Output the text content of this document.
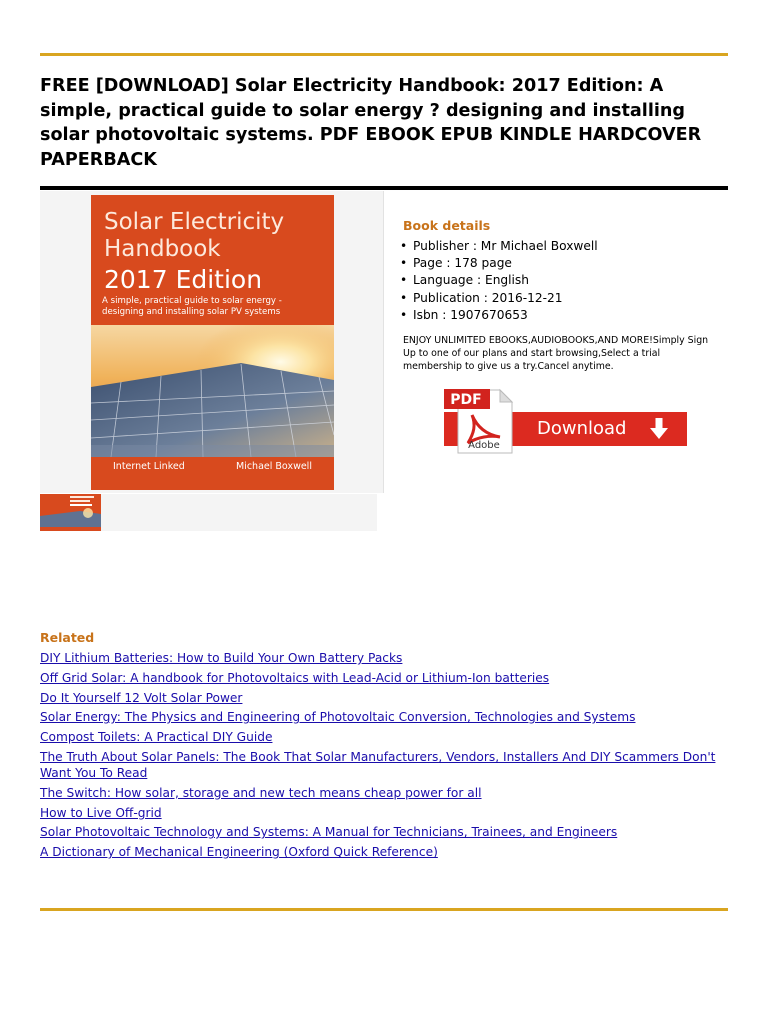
FREE [DOWNLOAD] Solar Electricity Handbook: 2017 Edition: A simple, practical guide to solar energy ? designing and installing solar photovoltaic systems. PDF EBOOK EPUB KINDLE HARDCOVER PAPERBACK
Solar Electricity
Handbook
2017 Edition
A simple, practical guide to solar energy -
designing and installing solar PV systems
Internet Linked	Michael Boxwell
Book details
• Publisher : Mr Michael Boxwell
• Page : 178 page
• Language : English
• Publication : 2016-12-21
• Isbn : 1907670653

ENJOY UNLIMITED EBOOKS,AUDIOBOOKS,AND MORE!Simply Sign Up to one of our plans and start browsing,Select a trial membership to give us a try.Cancel anytime.

Download
PDF
Adobe
Related
DIY Lithium Batteries: How to Build Your Own Battery Packs
Off Grid Solar: A handbook for Photovoltaics with Lead-Acid or Lithium-Ion batteries
Do It Yourself 12 Volt Solar Power
Solar Energy: The Physics and Engineering of Photovoltaic Conversion, Technologies and Systems
Compost Toilets: A Practical DIY Guide
The Truth About Solar Panels: The Book That Solar Manufacturers, Vendors, Installers And DIY Scammers Don't Want You To Read
The Switch: How solar, storage and new tech means cheap power for all
How to Live Off-grid
Solar Photovoltaic Technology and Systems: A Manual for Technicians, Trainees, and Engineers
A Dictionary of Mechanical Engineering (Oxford Quick Reference)
